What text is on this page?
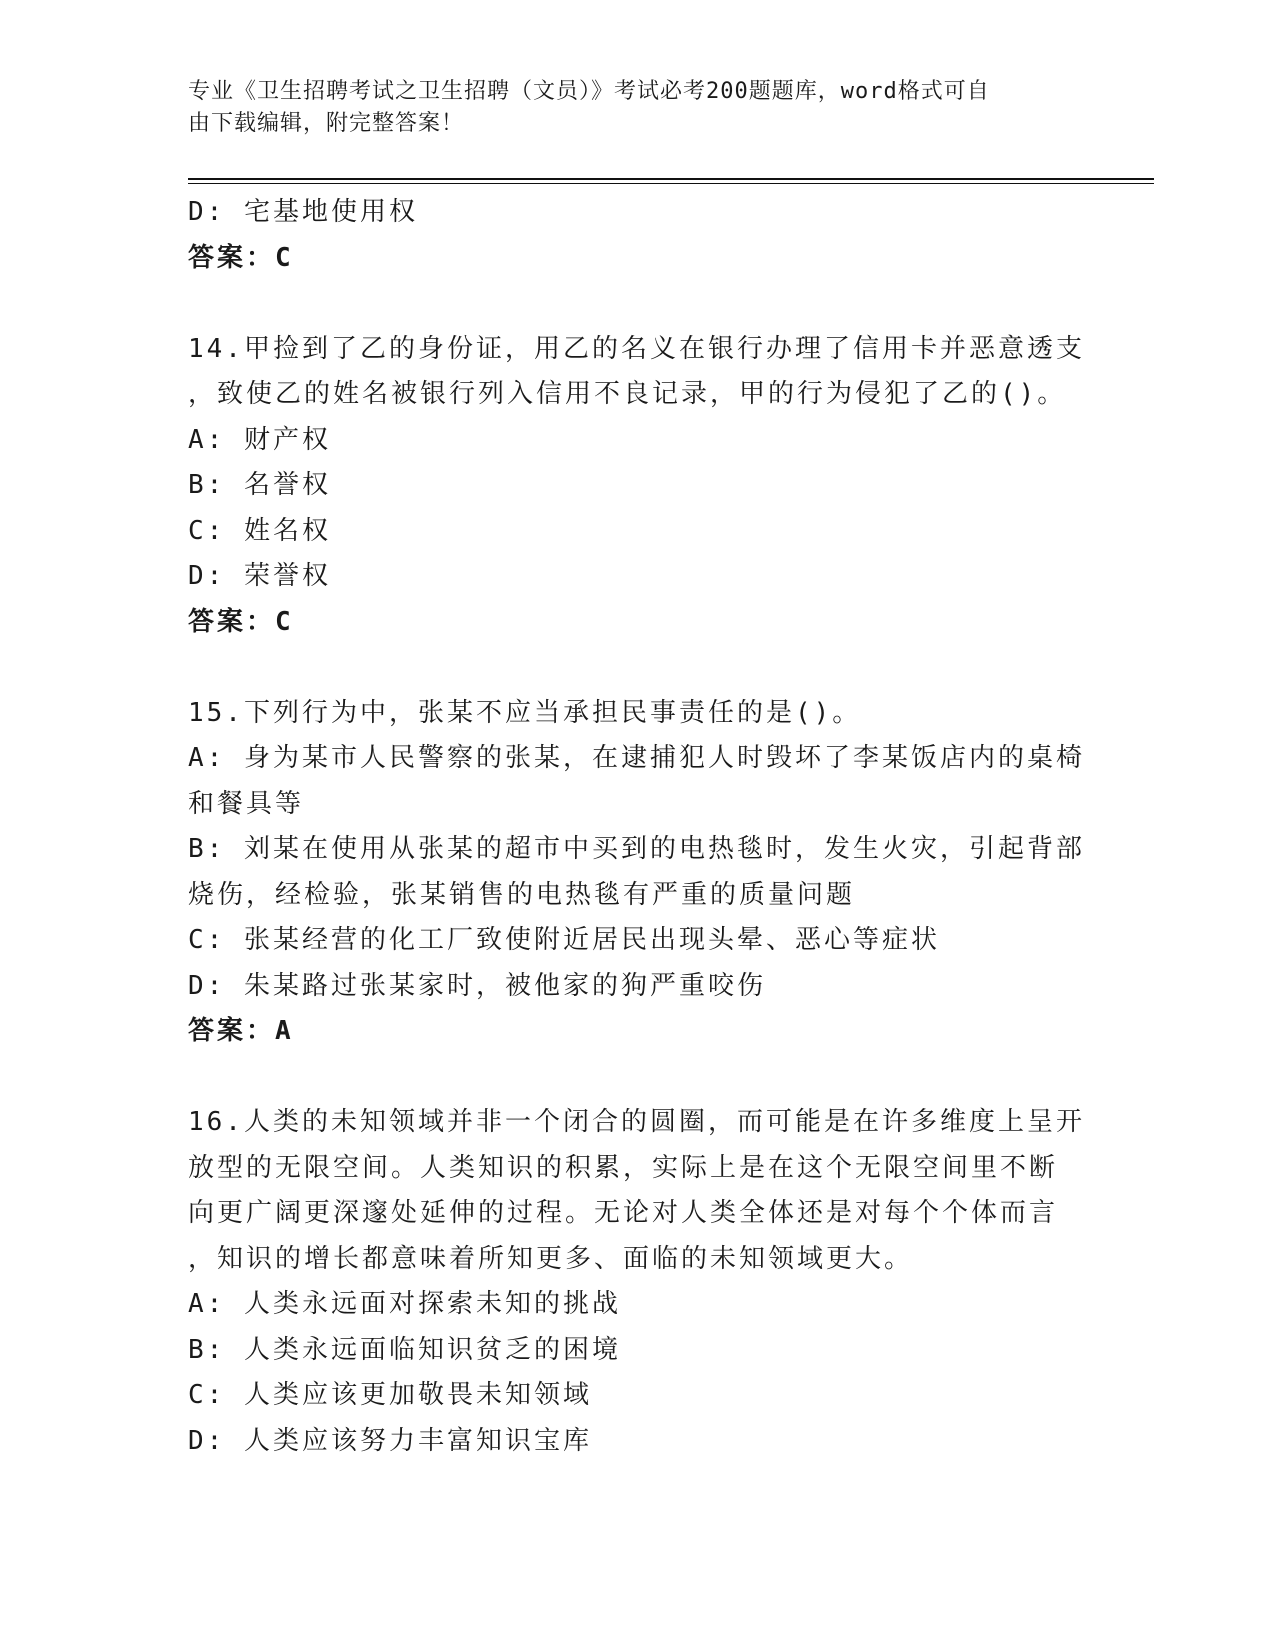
专业《卫生招聘考试之卫生招聘（文员）》考试必考200题题库，word格式可自
由下载编辑，附完整答案！
D: 宅基地使用权
答案：C
14.甲捡到了乙的身份证，用乙的名义在银行办理了信用卡并恶意透支
，致使乙的姓名被银行列入信用不良记录，甲的行为侵犯了乙的()。
A: 财产权
B: 名誉权
C: 姓名权
D: 荣誉权
答案：C
15.下列行为中，张某不应当承担民事责任的是()。
A: 身为某市人民警察的张某，在逮捕犯人时毁坏了李某饭店内的桌椅
和餐具等
B: 刘某在使用从张某的超市中买到的电热毯时，发生火灾，引起背部
烧伤，经检验，张某销售的电热毯有严重的质量问题
C: 张某经营的化工厂致使附近居民出现头晕、恶心等症状
D: 朱某路过张某家时，被他家的狗严重咬伤
答案：A
16.人类的未知领域并非一个闭合的圆圈，而可能是在许多维度上呈开
放型的无限空间。人类知识的积累，实际上是在这个无限空间里不断
向更广阔更深邃处延伸的过程。无论对人类全体还是对每个个体而言
，知识的增长都意味着所知更多、面临的未知领域更大。
A: 人类永远面对探索未知的挑战
B: 人类永远面临知识贫乏的困境
C: 人类应该更加敬畏未知领域
D: 人类应该努力丰富知识宝库
